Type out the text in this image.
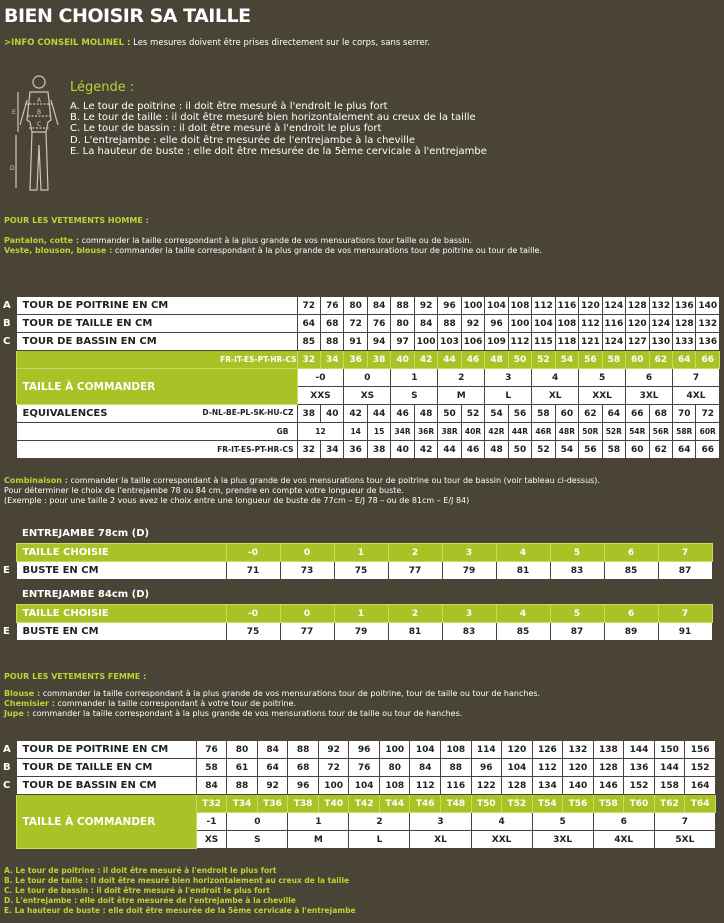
BIEN CHOISIR SA TAILLE
>INFO CONSEIL MOLINEL : Les mesures doivent être prises directement sur le corps, sans serrer.
A
B
C
E
D
Légende :
A. Le tour de poitrine : il doit être mesuré à l'endroit le plus fort
B. Le tour de taille : il doit être mesuré bien horizontalement au creux de la taille
C. Le tour de bassin : il doit être mesuré à l'endroit le plus fort
D. L'entrejambe : elle doit être mesurée de l'entrejambe à la cheville
E. La hauteur de buste : elle doit être mesurée de la 5ème cervicale à l'entrejambe
POUR LES VETEMENTS HOMME :
Pantalon, cotte : commander la taille correspondant à la plus grande de vos mensurations tour taille ou de bassin.
Veste, blouson, blouse : commander la taille correspondant à la plus grande de vos mensurations tour de poitrine ou tour de taille.
A	TOUR DE POITRINE EN CM	72	76	80	84	88	92	96	100	104	108	112	116	120	124	128	132	136	140
B	TOUR DE TAILLE EN CM	64	68	72	76	80	84	88	92	96	100	104	108	112	116	120	124	128	132
C	TOUR DE BASSIN EN CM	85	88	91	94	97	100	103	106	109	112	115	118	121	124	127	130	133	136
	FR-IT-ES-PT-HR-CS	32	34	36	38	40	42	44	46	48	50	52	54	56	58	60	62	64	66
	TAILLE À COMMANDER	-0		0		1		2		3		4		5		6		7	
		XXS		XS		S		M		L		XL		XXL		3XL		4XL	
	EQUIVALENCES D-NL-BE-PL-SK-HU-CZ	38	40	42	44	46	48	50	52	54	56	58	60	62	64	66	68	70	72
	GB	12		14	15	34R	36R	38R	40R	42R	44R	46R	48R	50R	52R	54R	56R	58R	60R
	FR-IT-ES-PT-HR-CS	32	34	36	38	40	42	44	46	48	50	52	54	56	58	60	62	64	66
Combinaison : commander la taille correspondant à la plus grande de vos mensurations tour de poitrine ou tour de bassin (voir tableau ci-dessus).
Pour déterminer le choix de l'entrejambe 78 ou 84 cm, prendre en compte votre longueur de buste.
(Exemple : pour une taille 2 vous avez le choix entre une longueur de buste de 77cm – E/J 78 – ou de 81cm – E/J 84)
ENTREJAMBE 78cm (D)
	TAILLE CHOISIE	-0	0	1	2	3	4	5	6	7
E	BUSTE EN CM	71	73	75	77	79	81	83	85	87
ENTREJAMBE 84cm (D)
	TAILLE CHOISIE	-0	0	1	2	3	4	5	6	7
E	BUSTE EN CM	75	77	79	81	83	85	87	89	91
POUR LES VETEMENTS FEMME :
Blouse : commander la taille correspondant à la plus grande de vos mensurations tour de poitrine, tour de taille ou tour de hanches.
Chemisier : commander la taille correspondant à votre tour de poitrine.
Jupe : commander la taille correspondant à la plus grande de vos mensurations tour de taille ou tour de hanches.
A	TOUR DE POITRINE EN CM	76	80	84	88	92	96	100	104	108	114	120	126	132	138	144	150	156
B	TOUR DE TAILLE EN CM	58	61	64	68	72	76	80	84	88	96	104	112	120	128	136	144	152
C	TOUR DE BASSIN EN CM	84	88	92	96	100	104	108	112	116	122	128	134	140	146	152	158	164
	TAILLE À COMMANDER	T32	T34	T36	T38	T40	T42	T44	T46	T48	T50	T52	T54	T56	T58	T60	T62	T64
		-1	0		1		2		3		4		5		6		7	
		XS	S		M		L		XL		XXL		3XL		4XL		5XL	
A. Le tour de poitrine : il doit être mesuré à l'endroit le plus fort
B. Le tour de taille : il doit être mesuré bien horizontalement au creux de la taille
C. Le tour de bassin : il doit être mesuré à l'endroit le plus fort
D. L'entrejambe : elle doit être mesurée de l'entrejambe à la cheville
E. La hauteur de buste : elle doit être mesurée de la 5ème cervicale à l'entrejambe
